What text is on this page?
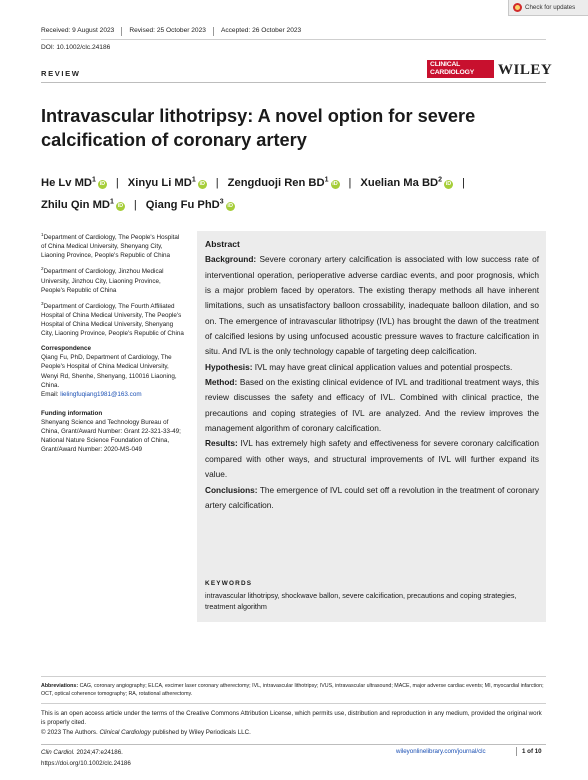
Check for updates
Received: 9 August 2023 Revised: 25 October 2023 Accepted: 26 October 2023
DOI: 10.1002/clc.24186
REVIEW
CLINICAL
CARDIOLOGY	WILEY
Intravascular lithotripsy: A novel option for severe calcification of coronary artery
He Lv $MD^1iD$ | Xinyu Li $MD^1iD$ | Zengduoji Ren $BD^1iD$ | Xuelian Ma $BD^2iD$ |
Zhilu Qin $MD^1iD$ | Qiang Fu PhD$^3$iD
$^1$Department of Cardiology, The People's Hospital of China Medical University, Shenyang City, Liaoning Province, People's Republic of China
$^2$Department of Cardiology, Jinzhou Medical University, Jinzhou City, Liaoning Province, People's Republic of China
$^3$Department of Cardiology, The Fourth Affiliated Hospital of China Medical University, The People's Hospital of China Medical University, Shenyang City, Liaoning Province, People's Republic of China
Correspondence
Qiang Fu, PhD, Department of Cardiology, The People's Hospital of China Medical University, Wenyi Rd, Shenhe, Shenyang, 110016 Liaoning, China.
Email: lielingfuqiang1981@163.com
Funding information
Shenyang Science and Technology Bureau of China, Grant/Award Number: Grant 22-321-33-49; National Nature Science Foundation of China, Grant/Award Number: 2020-MS-049
Abstract

Background: Severe coronary artery calcification is associated with low success rate of interventional operation, perioperative adverse cardiac events, and poor prognosis, which is a major problem faced by operators. The existing therapy methods all have inherent limitations, such as unsatisfactory balloon crossability, inadequate balloon dilation, and so on. The emergence of intravascular lithotripsy (IVL) has brought the dawn of the treatment of calcified lesions by using unfocused acoustic pressure waves to fracture calcification in situ. And IVL is the only technology capable of targeting deep calcification.

Hypothesis: IVL may have great clinical application values and potential prospects.

Method: Based on the existing clinical evidence of IVL and traditional treatment ways, this review discusses the safety and efficacy of IVL. Combined with clinical practice, the precautions and coping strategies of IVL are analyzed. And the review improves the management algorithm of coronary calcification.

Results: IVL has extremely high safety and effectiveness for severe coronary calcification compared with other ways, and structural improvements of IVL will further expand its value.

Conclusions: The emergence of IVL could set off a revolution in the treatment of coronary artery calcification.

KEYWORDS
intravascular lithotripsy, shockwave ballon, severe calcification, precautions and coping strategies, treatment algorithm
Abbreviations: CAG, coronary angiography; ELCA, excimer laser coronary atherectomy; IVL, intravascular lithotripsy; IVUS, intravascular ultrasound; MACE, major adverse cardiac events; MI, myocardial infarction; OCT, optical coherence tomography; RA, rotational atherectomy.
This is an open access article under the terms of the Creative Commons Attribution License, which permits use, distribution and reproduction in any medium, provided the original work is properly cited.
© 2023 The Authors. Clinical Cardiology published by Wiley Periodicals LLC.
Clin Cardiol. 2024;47:e24186.
https://doi.org/10.1002/clc.24186
wileyonlinelibrary.com/journal/clc	1 of 10
